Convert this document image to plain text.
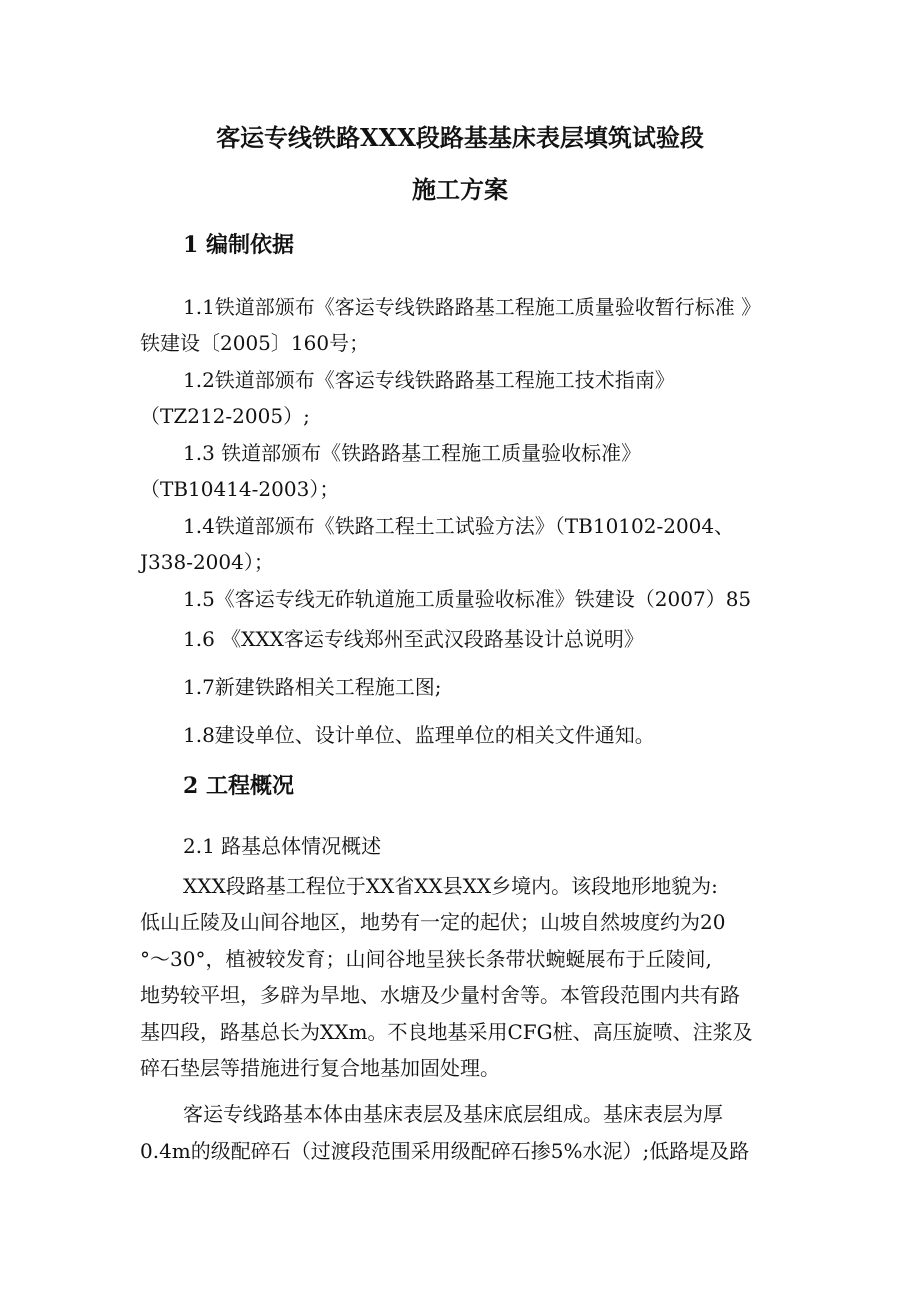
客运专线铁路XXX段路基基床表层填筑试验段
施工方案
1 编制依据
1.1铁道部颁布《客运专线铁路路基工程施工质量验收暂行标准 》
铁建设〔2005〕160号；
1.2铁道部颁布《客运专线铁路路基工程施工技术指南》
（TZ212-2005）;
1.3 铁道部颁布《铁路路基工程施工质量验收标准》
（TB10414-2003）；
1.4铁道部颁布《铁路工程土工试验方法》（TB10102-2004、
J338-2004）；
1.5《客运专线无砟轨道施工质量验收标准》铁建设（2007）85
1.6 《XXX客运专线郑州至武汉段路基设计总说明》
1.7新建铁路相关工程施工图;
1.8建设单位、设计单位、监理单位的相关文件通知。
2 工程概况
2.1 路基总体情况概述
XXX段路基工程位于XX省XX县XX乡境内。该段地形地貌为:
低山丘陵及山间谷地区，地势有一定的起伏；山坡自然坡度约为20
°～30°，植被较发育；山间谷地呈狭长条带状蜿蜒展布于丘陵间,
地势较平坦，多辟为旱地、水塘及少量村舍等。本管段范围内共有路
基四段，路基总长为XXm。不良地基采用CFG桩、高压旋喷、注浆及
碎石垫层等措施进行复合地基加固处理。
客运专线路基本体由基床表层及基床底层组成。基床表层为厚
0.4m的级配碎石（过渡段范围采用级配碎石掺5%水泥）;低路堤及路
